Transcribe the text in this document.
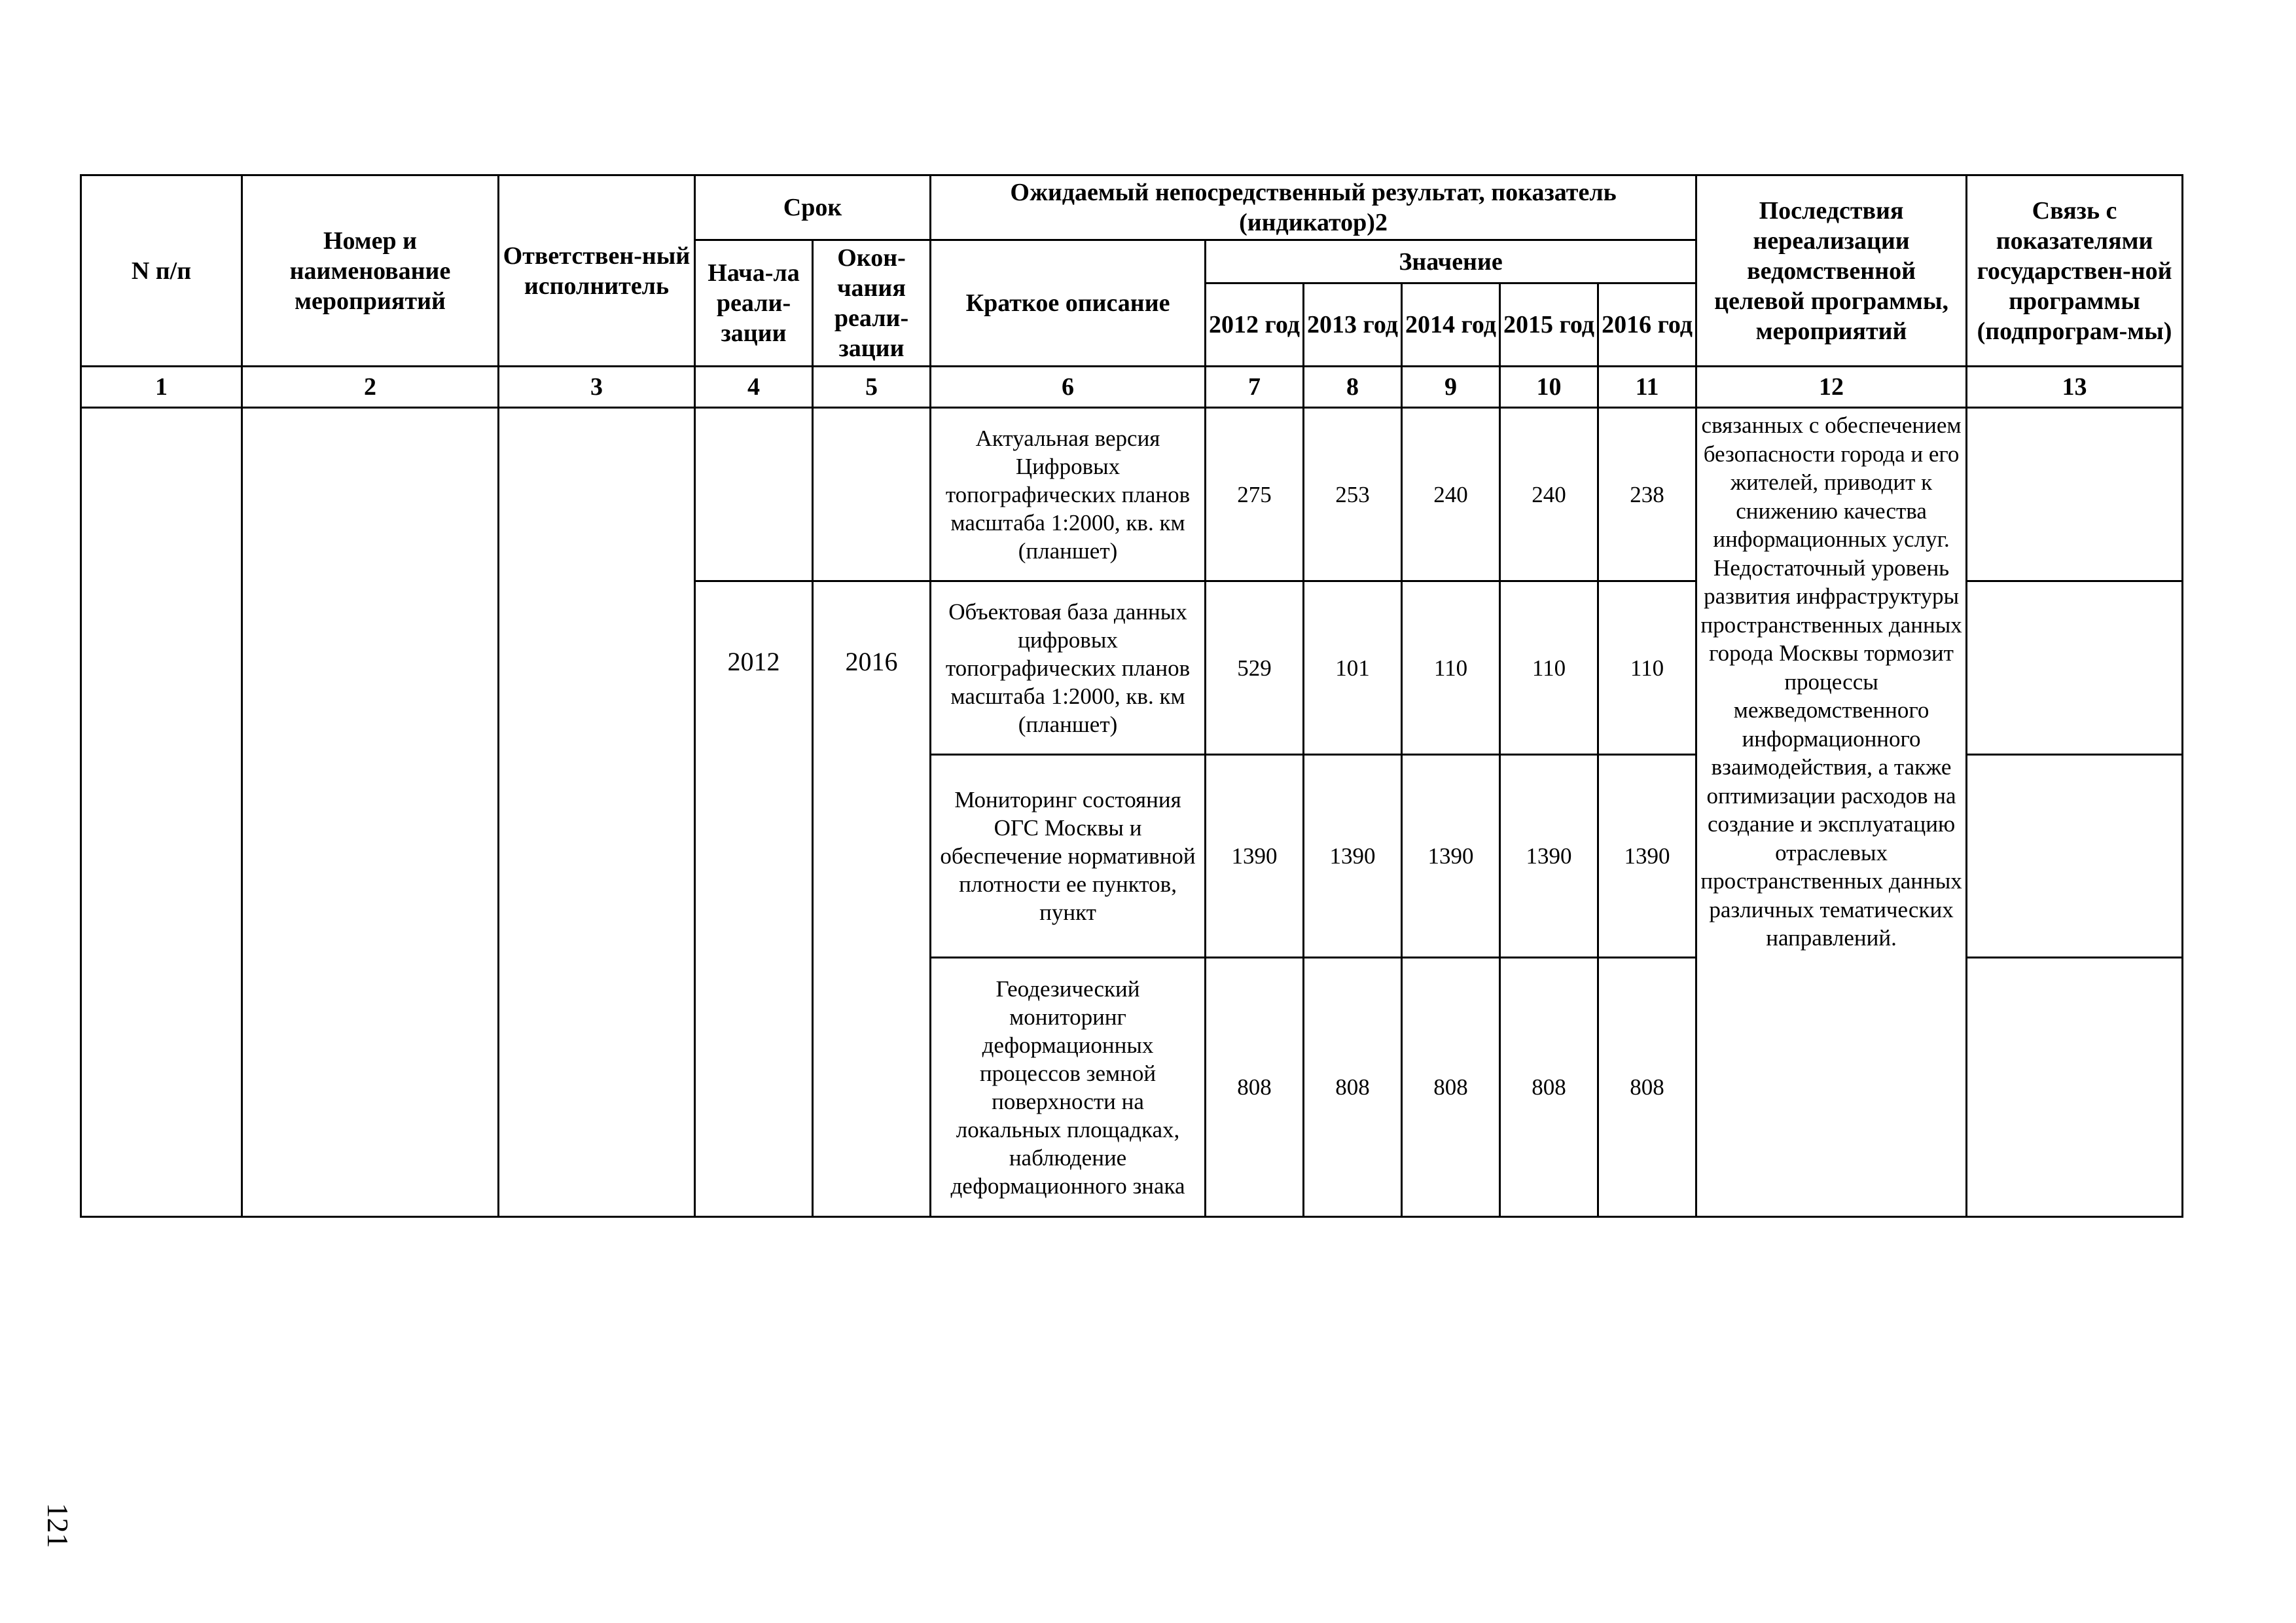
N п/п	Номер и наименование мероприятий	Ответствен-ный исполнитель	Срок		Ожидаемый непосредственный результат, показатель (индикатор)2						Последствия нереализации ведомственной целевой программы, мероприятий	Связь с показателями государствен-ной программы (подпрограм-мы)
			Нача-ла реали-зации	Окон-чания реали-зации	Краткое описание	Значение						
						2012 год	2013 год	2014 год	2015 год	2016 год		
1	2	3	4	5	6	7	8	9	10	11	12	13
					Актуальная версия Цифровых топографических планов масштаба 1:2000, кв. км (планшет)	275	253	240	240	238	связанных с обеспечением безопасности города и его жителей, приводит к снижению качества информационных услуг. Недостаточный уровень развития инфраструктуры пространственных данных города Москвы тормозит процессы межведомственного информационного взаимодействия, а также оптимизации расходов на создание и эксплуатацию отраслевых пространственных данных различных тематических направлений.	
			2012	2016	Объектовая база данных цифровых топографических планов масштаба 1:2000, кв. км (планшет)	529	101	110	110	110		
					Мониторинг состояния ОГС Москвы и обеспечение нормативной плотности ее пунктов, пункт	1390	1390	1390	1390	1390		
					Геодезический мониторинг деформационных процессов земной поверхности на локальных площадках, наблюдение деформационного знака	808	808	808	808	808		
121
